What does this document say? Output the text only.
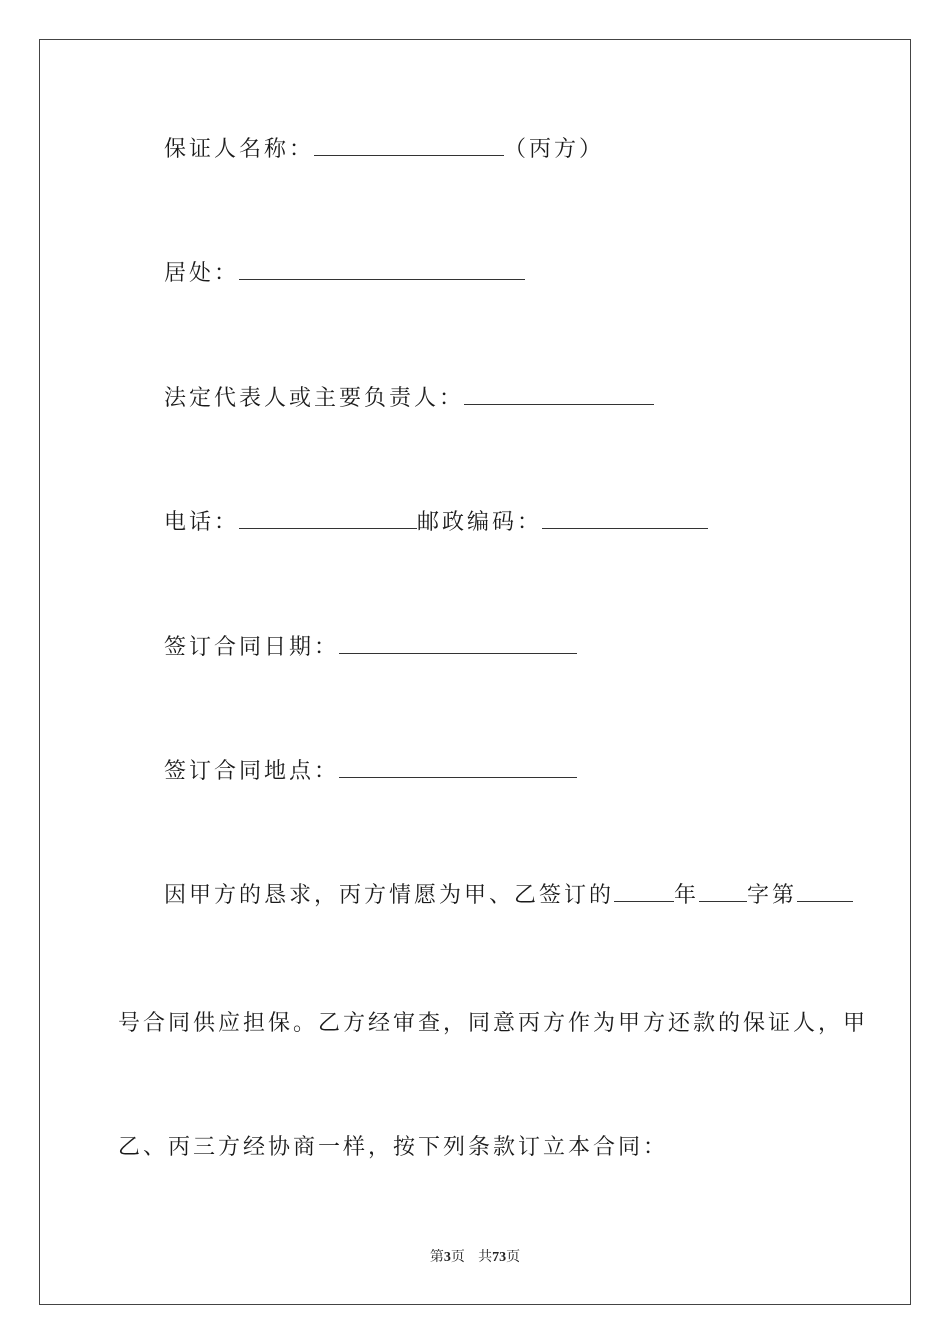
保证人名称：	（丙方）
居处：
法定代表人或主要负责人：
电话：	邮政编码：
签订合同日期：
签订合同地点：
因甲方的恳求，丙方情愿为甲、乙签订的	年 字第
号合同供应担保。乙方经审查，同意丙方作为甲方还款的保证人，甲
乙、丙三方经协商一样，按下列条款订立本合同：
第3页   共73页
